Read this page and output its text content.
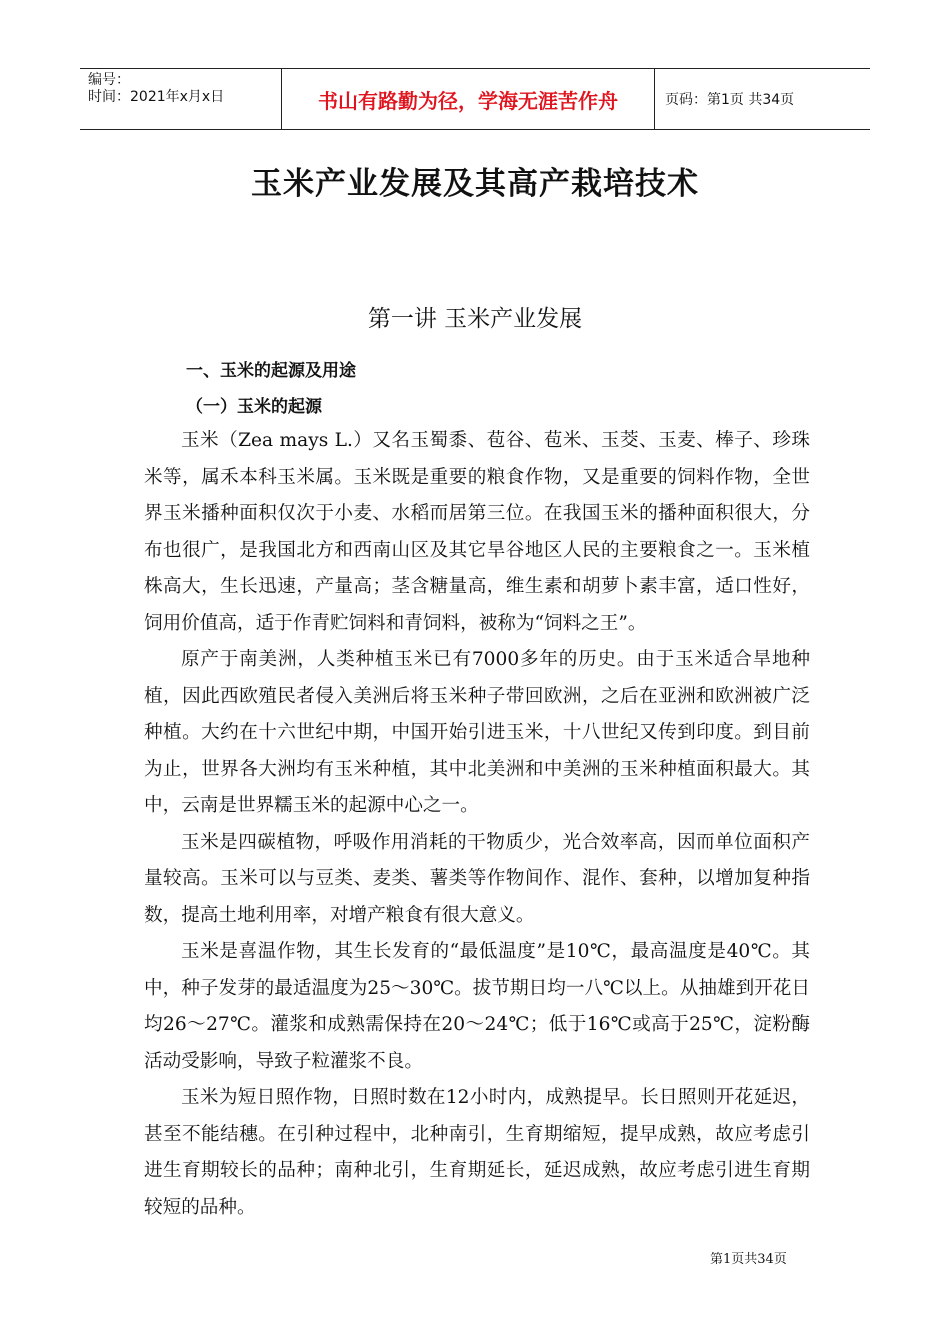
编号：
时间：2021年x月x日	书山有路勤为径，学海无涯苦作舟	页码：第1页 共34页
玉米产业发展及其高产栽培技术
第一讲 玉米产业发展
一、玉米的起源及用途
（一）玉米的起源

玉米（Zea mays L.）又名玉蜀黍、苞谷、苞米、玉茭、玉麦、棒子、珍珠米等，属禾本科玉米属。玉米既是重要的粮食作物，又是重要的饲料作物，全世界玉米播种面积仅次于小麦、水稻而居第三位。在我国玉米的播种面积很大，分布也很广，是我国北方和西南山区及其它旱谷地区人民的主要粮食之一。玉米植株高大，生长迅速，产量高；茎含糖量高，维生素和胡萝卜素丰富，适口性好，饲用价值高，适于作青贮饲料和青饲料，被称为“饲料之王”。

原产于南美洲，人类种植玉米已有7000多年的历史。由于玉米适合旱地种植，因此西欧殖民者侵入美洲后将玉米种子带回欧洲，之后在亚洲和欧洲被广泛种植。大约在十六世纪中期，中国开始引进玉米，十八世纪又传到印度。到目前为止，世界各大洲均有玉米种植，其中北美洲和中美洲的玉米种植面积最大。其中，云南是世界糯玉米的起源中心之一。

玉米是四碳植物，呼吸作用消耗的干物质少，光合效率高，因而单位面积产量较高。玉米可以与豆类、麦类、薯类等作物间作、混作、套种，以增加复种指数，提高土地利用率，对增产粮食有很大意义。

玉米是喜温作物，其生长发育的“最低温度”是10℃，最高温度是40℃。其中，种子发芽的最适温度为25～30℃。拔节期日均一八℃以上。从抽雄到开花日均26～27℃。灌浆和成熟需保持在20～24℃；低于16℃或高于25℃，淀粉酶活动受影响，导致子粒灌浆不良。

玉米为短日照作物，日照时数在12小时内，成熟提早。长日照则开花延迟，甚至不能结穗。在引种过程中，北种南引，生育期缩短，提早成熟，故应考虑引进生育期较长的品种；南种北引，生育期延长，延迟成熟，故应考虑引进生育期较短的品种。

第1页共34页
